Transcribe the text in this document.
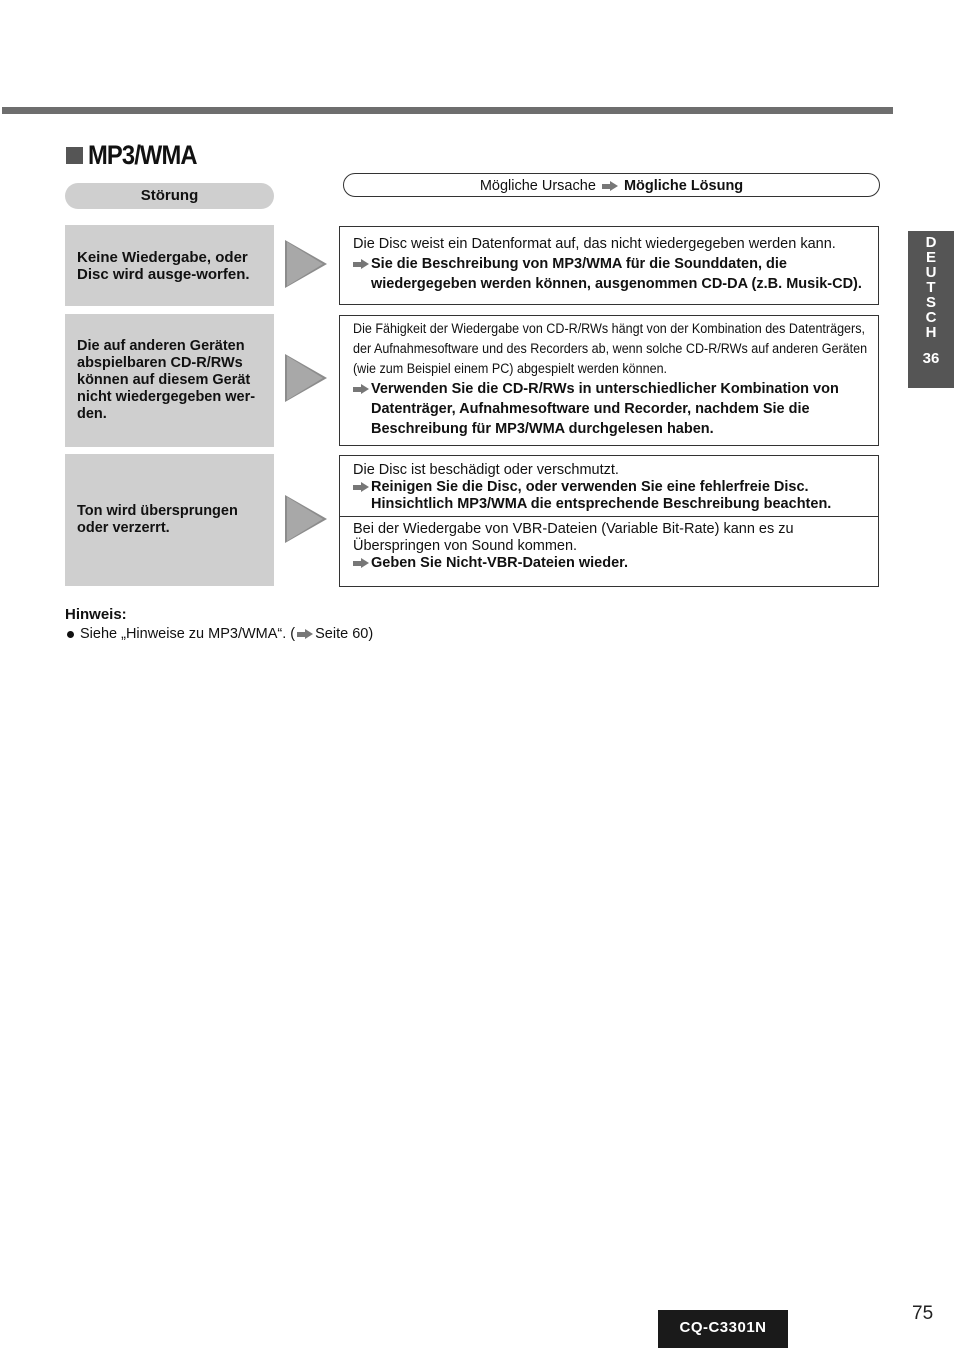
MP3/WMA
Störung
Mögliche Ursache Mögliche Lösung
Keine Wiedergabe, oder Disc wird ausge-worfen.
Die Disc weist ein Datenformat auf, das nicht wiedergegeben werden kann.
Sie die Beschreibung von MP3/WMA für die Sounddaten, die wiedergegeben werden können, ausgenommen CD-DA (z.B. Musik-CD).
Die auf anderen Geräten abspielbaren CD-R/RWs können auf diesem Gerät nicht wiedergegeben wer-den.
Die Fähigkeit der Wiedergabe von CD-R/RWs hängt von der Kombination des Datenträgers, der Aufnahmesoftware und des Recorders ab, wenn solche CD-R/RWs auf anderen Geräten (wie zum Beispiel einem PC) abgespielt werden können.
Verwenden Sie die CD-R/RWs in unterschiedlicher Kombination von Datenträger, Aufnahmesoftware und Recorder, nachdem Sie die Beschreibung für MP3/WMA durchgelesen haben.
Ton wird übersprungen oder verzerrt.
Die Disc ist beschädigt oder verschmutzt.
Reinigen Sie die Disc, oder verwenden Sie eine fehlerfreie Disc. Hinsichtlich MP3/WMA die entsprechende Beschreibung beachten.
Bei der Wiedergabe von VBR-Dateien (Variable Bit-Rate) kann es zu Überspringen von Sound kommen.
Geben Sie Nicht-VBR-Dateien wieder.
Hinweis:
Siehe „Hinweise zu MP3/WMA“. ( Seite 60)
D
E
U
T
S
C
H
36
CQ-C3301N
75
